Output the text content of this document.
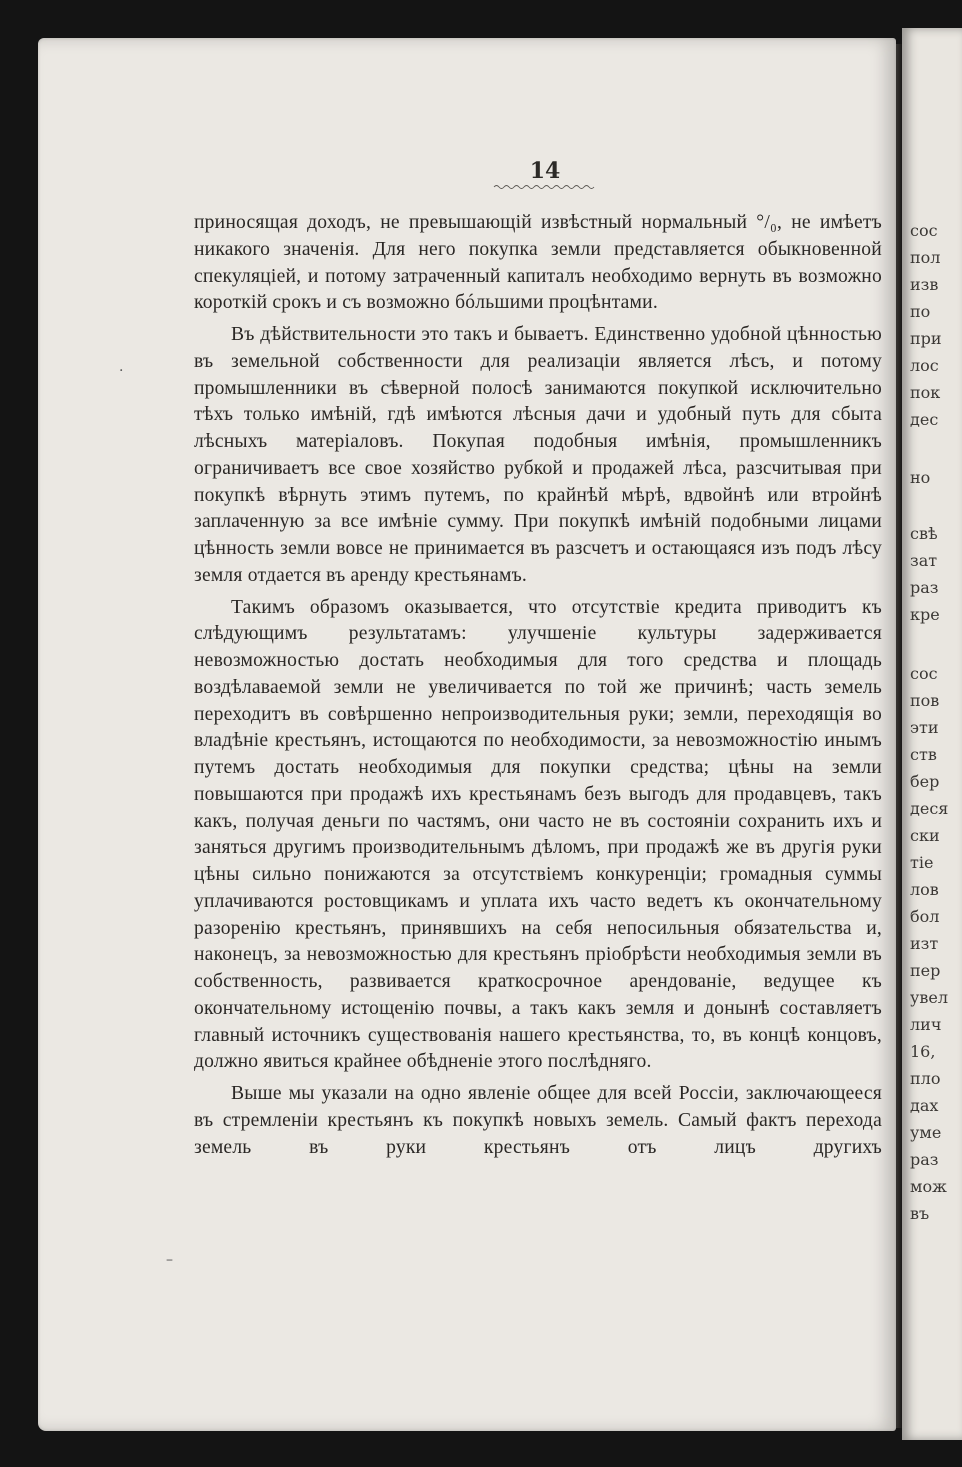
сос
пол
изв
по
при
лос
пок
дес
но
свѣ
зат
раз
кре
сос
пов
эти
ств
бер
деся
ски
тіе
лов
бол
изт
пер
увел
лич
16,
пло
дах
уме
раз
мож
въ
14

приносящая доходъ, не превышающій извѣстный нормальный °/₀, не имѣетъ никакого значенія. Для него покупка земли представляется обыкновенной спекуляціей, и потому затраченный капиталъ необходимо вернуть въ возможно короткій срокъ и съ возможно бóльшими процѣнтами.

Въ дѣйствительности это такъ и бываетъ. Единственно удобной цѣнностью въ земельной собственности для реализаціи является лѣсъ, и потому промышленники въ сѣверной полосѣ занимаются покупкой исключительно тѣхъ только имѣній, гдѣ имѣются лѣсныя дачи и удобный путь для сбыта лѣсныхъ матеріаловъ. Покупая подобныя имѣнія, промышленникъ ограничиваетъ все свое хозяйство рубкой и продажей лѣса, разсчитывая при покупкѣ вѣрнуть этимъ путемъ, по крайнѣй мѣрѣ, вдвойнѣ или втройнѣ заплаченную за все имѣніе сумму. При покупкѣ имѣній подобными лицами цѣнность земли вовсе не принимается въ разсчетъ и остающаяся изъ подъ лѣсу земля отдается въ аренду крестьянамъ.

Такимъ образомъ оказывается, что отсутствіе кредита приводитъ къ слѣдующимъ результатамъ: улучшеніе культуры задерживается невозможностью достать необходимыя для того средства и площадь воздѣлаваемой земли не увеличивается по той же причинѣ; часть земель переходитъ въ совѣршенно непроизводительныя руки; земли, переходящія во владѣніе крестьянъ, истощаются по необходимости, за невозможностію инымъ путемъ достать необходимыя для покупки средства; цѣны на земли повышаются при продажѣ ихъ крестьянамъ безъ выгодъ для продавцевъ, такъ какъ, получая деньги по частямъ, они часто не въ состояніи сохранить ихъ и заняться другимъ производительнымъ дѣломъ, при продажѣ же въ другія руки цѣны сильно понижаются за отсутствіемъ конкуренціи; громадныя суммы уплачиваются ростовщикамъ и уплата ихъ часто ведетъ къ окончательному разоренію крестьянъ, принявшихъ на себя непосильныя обязательства и, наконецъ, за невозможностью для крестьянъ пріобрѣсти необходимыя земли въ собственность, развивается краткосрочное арендованіе, ведущее къ окончательному истощенію почвы, а такъ какъ земля и донынѣ составляетъ главный источникъ существованія нашего крестьянства, то, въ концѣ концовъ, должно явиться крайнее обѣдненіе этого послѣдняго.

Выше мы указали на одно явленіе общее для всей Россіи, заключающееся въ стремленіи крестьянъ къ покупкѣ новыхъ земель. Самый фактъ перехода земель въ руки крестьянъ отъ лицъ другихъ

·
–
